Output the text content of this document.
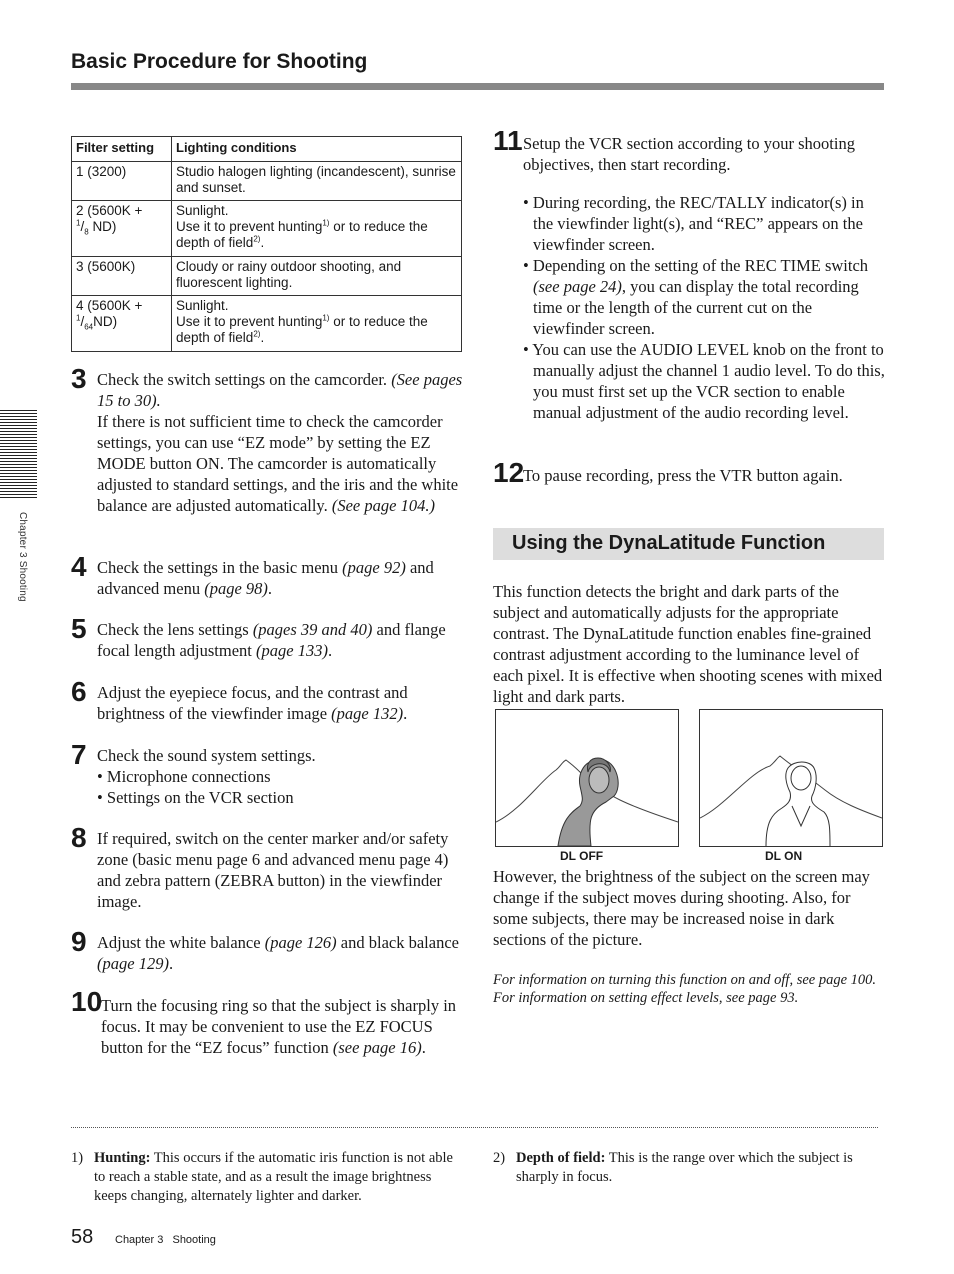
Basic Procedure for Shooting
Chapter 3 Shooting
Filter setting	Lighting conditions
1 (3200)	Studio halogen lighting (incandescent), sunrise and sunset.
2 (5600K +
$^1/_8$ ND)	Sunlight.
Use it to prevent hunting$^{1)}$ or to reduce the depth of field$^{2)}$.
3 (5600K)	Cloudy or rainy outdoor shooting, and fluorescent lighting.
4 (5600K +
$^1/_{64}ND$)	Sunlight.
Use it to prevent hunting$^{1)}$ or to reduce the depth of field$^{2)}$.
3 Check the switch settings on the camcorder. (See pages 15 to 30).
If there is not sufficient time to check the camcorder settings, you can use “EZ mode” by setting the EZ MODE button ON. The camcorder is automatically adjusted to standard settings, and the iris and the white balance are adjusted automatically. (See page 104.)
4 Check the settings in the basic menu (page 92) and advanced menu (page 98).
5 Check the lens settings (pages 39 and 40) and flange focal length adjustment (page 133).
6 Adjust the eyepiece focus, and the contrast and brightness of the viewfinder image (page 132).
7 Check the sound system settings.
• Microphone connections
• Settings on the VCR section
8 If required, switch on the center marker and/or safety zone (basic menu page 6 and advanced menu page 4) and zebra pattern (ZEBRA button) in the viewfinder image.
9 Adjust the white balance (page 126) and black balance (page 129).
10
Turn the focusing ring so that the subject is sharply in focus. It may be convenient to use the EZ FOCUS button for the “EZ focus” function (see page 16).
11 Setup the VCR section according to your shooting objectives, then start recording.
• During recording, the REC/TALLY indicator(s) in the viewfinder light(s), and “REC” appears on the viewfinder screen.
• Depending on the setting of the REC TIME switch (see page 24), you can display the total recording time or the length of the current cut on the viewfinder screen.
• You can use the AUDIO LEVEL knob on the front to manually adjust the channel 1 audio level. To do this, you must first set up the VCR section to enable manual adjustment of the audio recording level.
12
To pause recording, press the VTR button again.
Using the DynaLatitude Function
This function detects the bright and dark parts of the subject and automatically adjusts for the appropriate contrast. The DynaLatitude function enables fine-grained contrast adjustment according to the luminance level of each pixel. It is effective when shooting scenes with mixed light and dark parts.
DL OFF	DL ON
However, the brightness of the subject on the screen may change if the subject moves during shooting. Also, for some subjects, there may be increased noise in dark sections of the picture.
For information on turning this function on and off, see page 100. For information on setting effect levels, see page 93.
1) Hunting: This occurs if the automatic iris function is not able to reach a stable state, and as a result the image brightness keeps changing, alternately lighter and darker.
2) Depth of field: This is the range over which the subject is sharply in focus.
58 Chapter 3   Shooting
